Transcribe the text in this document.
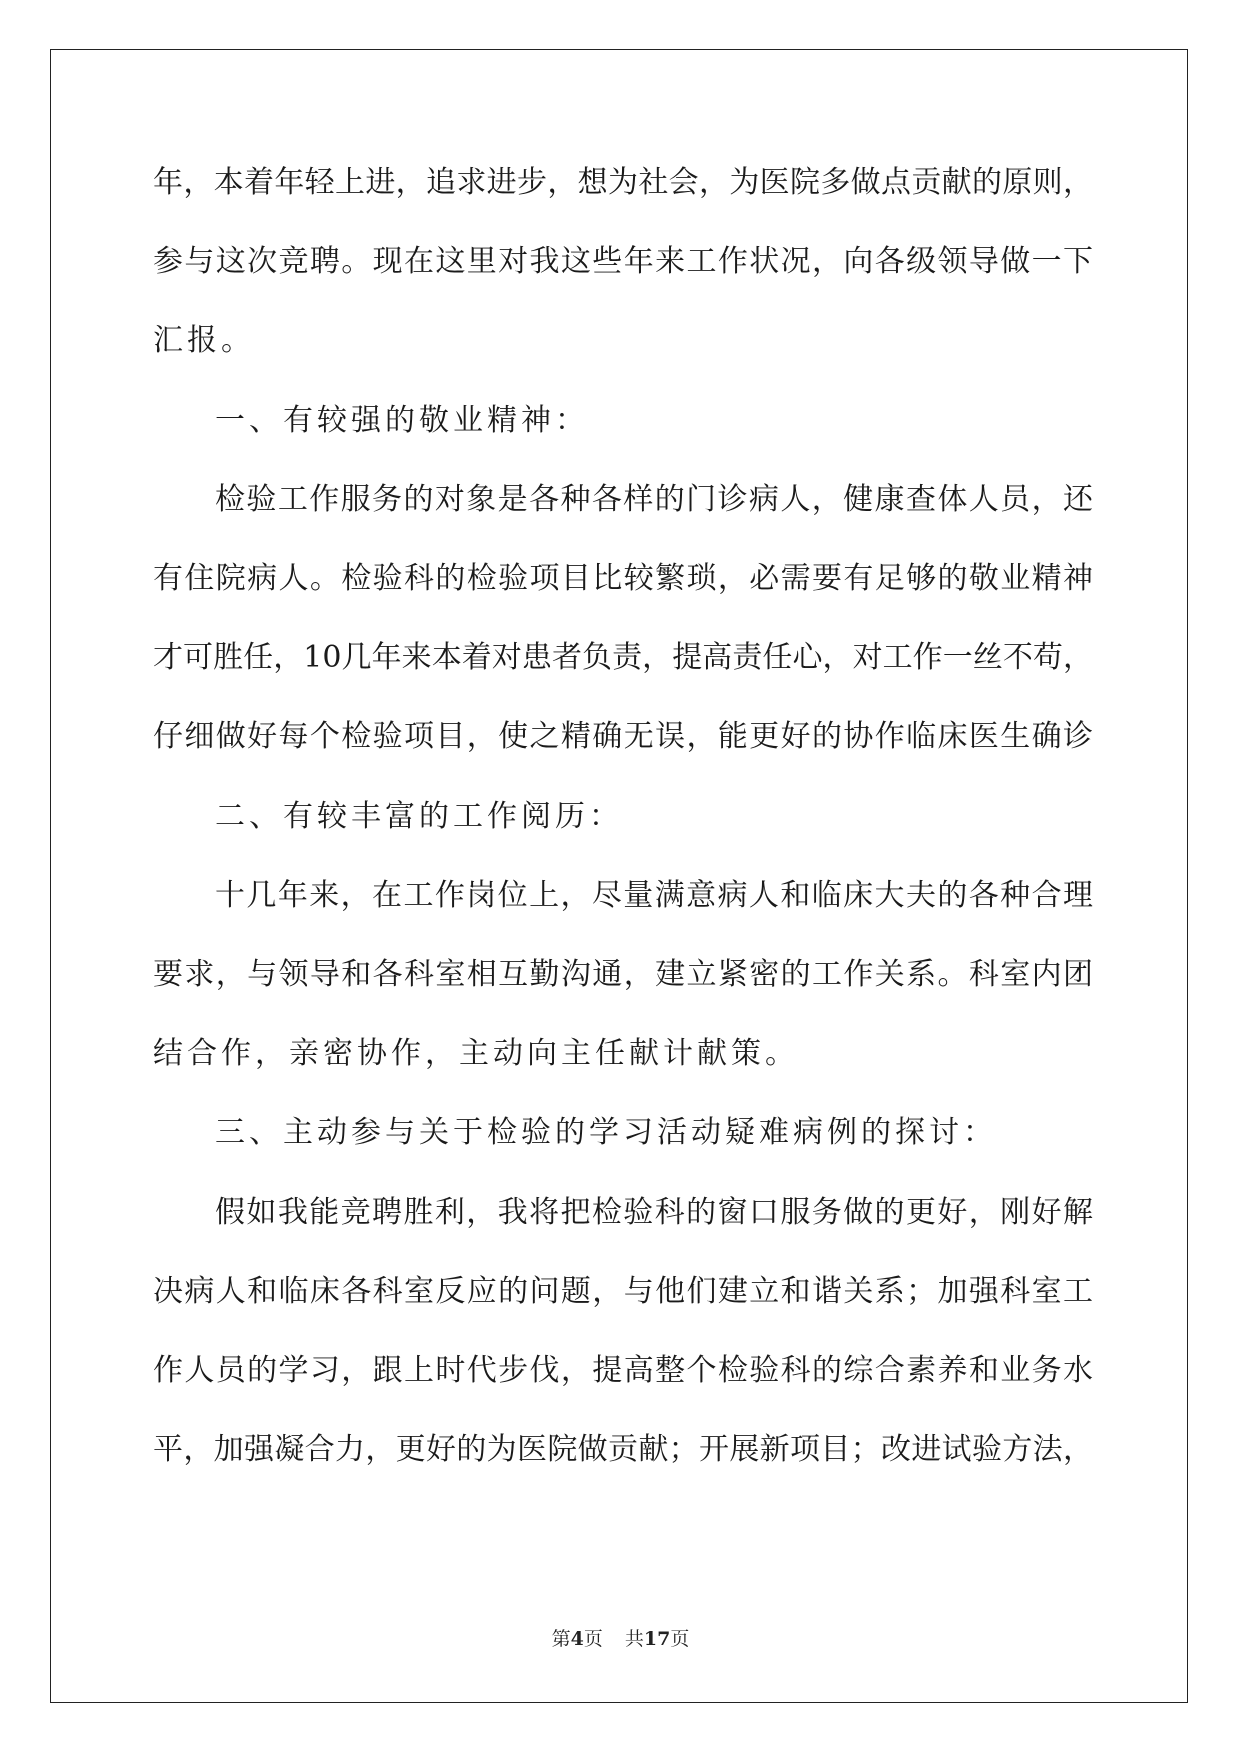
年，本着年轻上进，追求进步，想为社会，为医院多做点贡献的原则，
参与这次竞聘。现在这里对我这些年来工作状况，向各级领导做一下
汇报。
一、有较强的敬业精神：
检验工作服务的对象是各种各样的门诊病人，健康查体人员，还
有住院病人。检验科的检验项目比较繁琐，必需要有足够的敬业精神
才可胜任，10几年来本着对患者负责，提高责任心，对工作一丝不苟，
仔细做好每个检验项目，使之精确无误，能更好的协作临床医生确诊
二、有较丰富的工作阅历：
十几年来，在工作岗位上，尽量满意病人和临床大夫的各种合理
要求，与领导和各科室相互勤沟通，建立紧密的工作关系。科室内团
结合作，亲密协作，主动向主任献计献策。
三、主动参与关于检验的学习活动疑难病例的探讨：
假如我能竞聘胜利，我将把检验科的窗口服务做的更好，刚好解
决病人和临床各科室反应的问题，与他们建立和谐关系；加强科室工
作人员的学习，跟上时代步伐，提高整个检验科的综合素养和业务水
平，加强凝合力，更好的为医院做贡献；开展新项目；改进试验方法，
第4页 共17页
